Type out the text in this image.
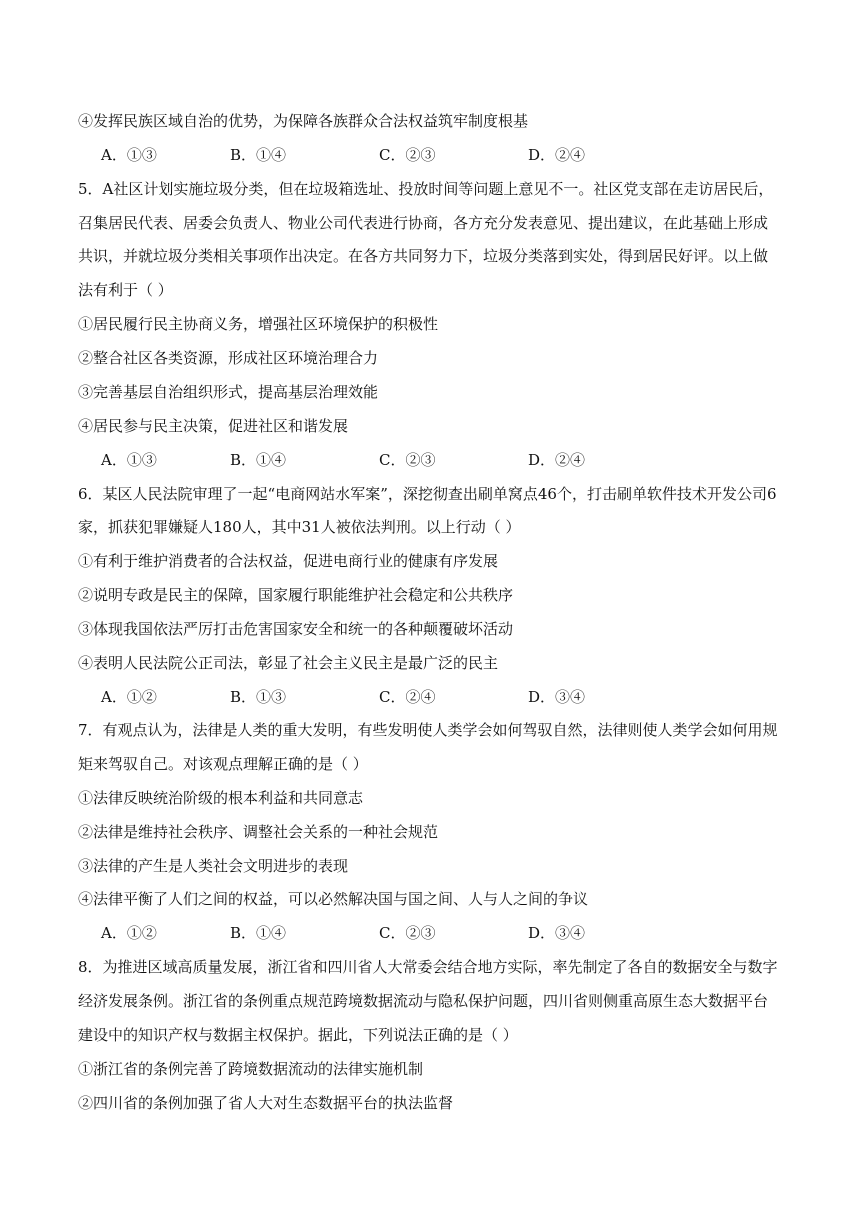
④发挥民族区域自治的优势，为保障各族群众合法权益筑牢制度根基
A．①③	B．①④	C．②③	D．②④
5．A社区计划实施垃圾分类，但在垃圾箱选址、投放时间等问题上意见不一。社区党支部在走访居民后，
召集居民代表、居委会负责人、物业公司代表进行协商，各方充分发表意见、提出建议，在此基础上形成
共识，并就垃圾分类相关事项作出决定。在各方共同努力下，垃圾分类落到实处，得到居民好评。以上做
法有利于（ ）
①居民履行民主协商义务，增强社区环境保护的积极性
②整合社区各类资源，形成社区环境治理合力
③完善基层自治组织形式，提高基层治理效能
④居民参与民主决策，促进社区和谐发展
A．①③	B．①④	C．②③	D．②④
6．某区人民法院审理了一起“电商网站水军案”，深挖彻查出刷单窝点46个，打击刷单软件技术开发公司6
家，抓获犯罪嫌疑人180人，其中31人被依法判刑。以上行动（ ）
①有利于维护消费者的合法权益，促进电商行业的健康有序发展
②说明专政是民主的保障，国家履行职能维护社会稳定和公共秩序
③体现我国依法严厉打击危害国家安全和统一的各种颠覆破坏活动
④表明人民法院公正司法，彰显了社会主义民主是最广泛的民主
A．①②	B．①③	C．②④	D．③④
7．有观点认为，法律是人类的重大发明，有些发明使人类学会如何驾驭自然，法律则使人类学会如何用规
矩来驾驭自己。对该观点理解正确的是（ ）
①法律反映统治阶级的根本利益和共同意志
②法律是维持社会秩序、调整社会关系的一种社会规范
③法律的产生是人类社会文明进步的表现
④法律平衡了人们之间的权益，可以必然解决国与国之间、人与人之间的争议
A．①②	B．①④	C．②③	D．③④
8．为推进区域高质量发展，浙江省和四川省人大常委会结合地方实际，率先制定了各自的数据安全与数字
经济发展条例。浙江省的条例重点规范跨境数据流动与隐私保护问题，四川省则侧重高原生态大数据平台
建设中的知识产权与数据主权保护。据此，下列说法正确的是（ ）
①浙江省的条例完善了跨境数据流动的法律实施机制
②四川省的条例加强了省人大对生态数据平台的执法监督
